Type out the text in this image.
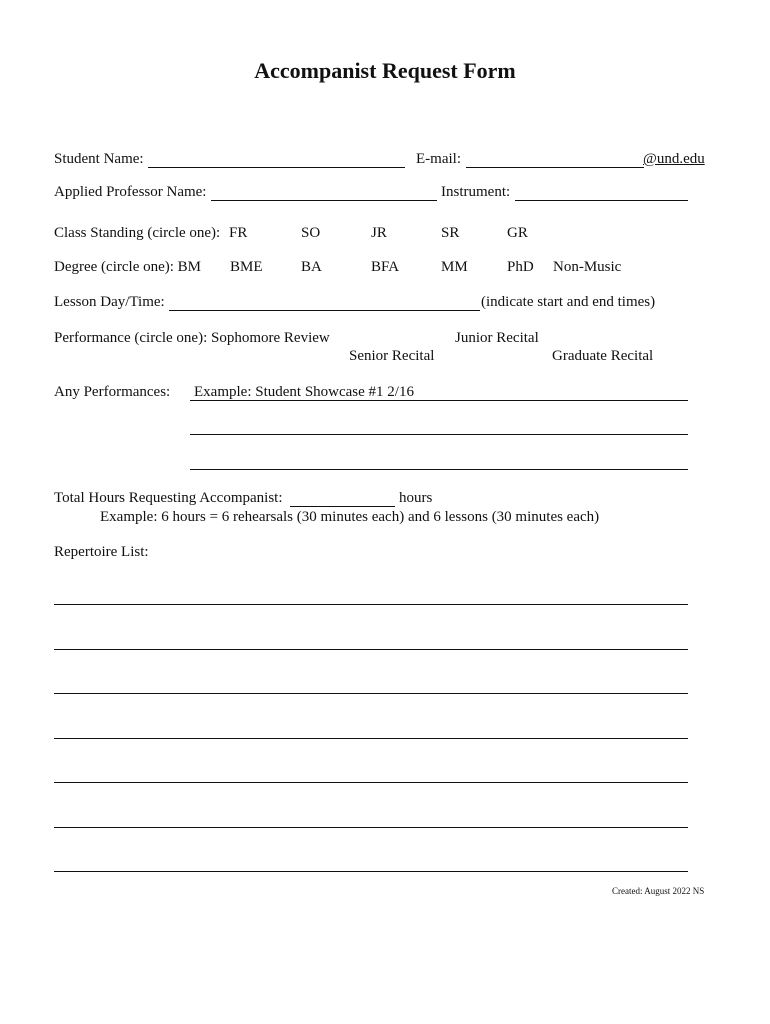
Accompanist Request Form
Student Name:	E-mail:	@und.edu
Applied Professor Name:	Instrument:
Class Standing (circle one): FR	SO	JR	SR	GR
Degree (circle one): BM BME	BA	BFA	MM	PhD Non-Music
Lesson Day/Time:	(indicate start and end times)
Performance (circle one): Sophomore Review	Junior Recital
Senior Recital	Graduate Recital
Any Performances: Example: Student Showcase #1 2/16
Total Hours Requesting Accompanist:	hours
Example: 6 hours = 6 rehearsals (30 minutes each) and 6 lessons (30 minutes each)
Repertoire List:
Created: August 2022 NS
